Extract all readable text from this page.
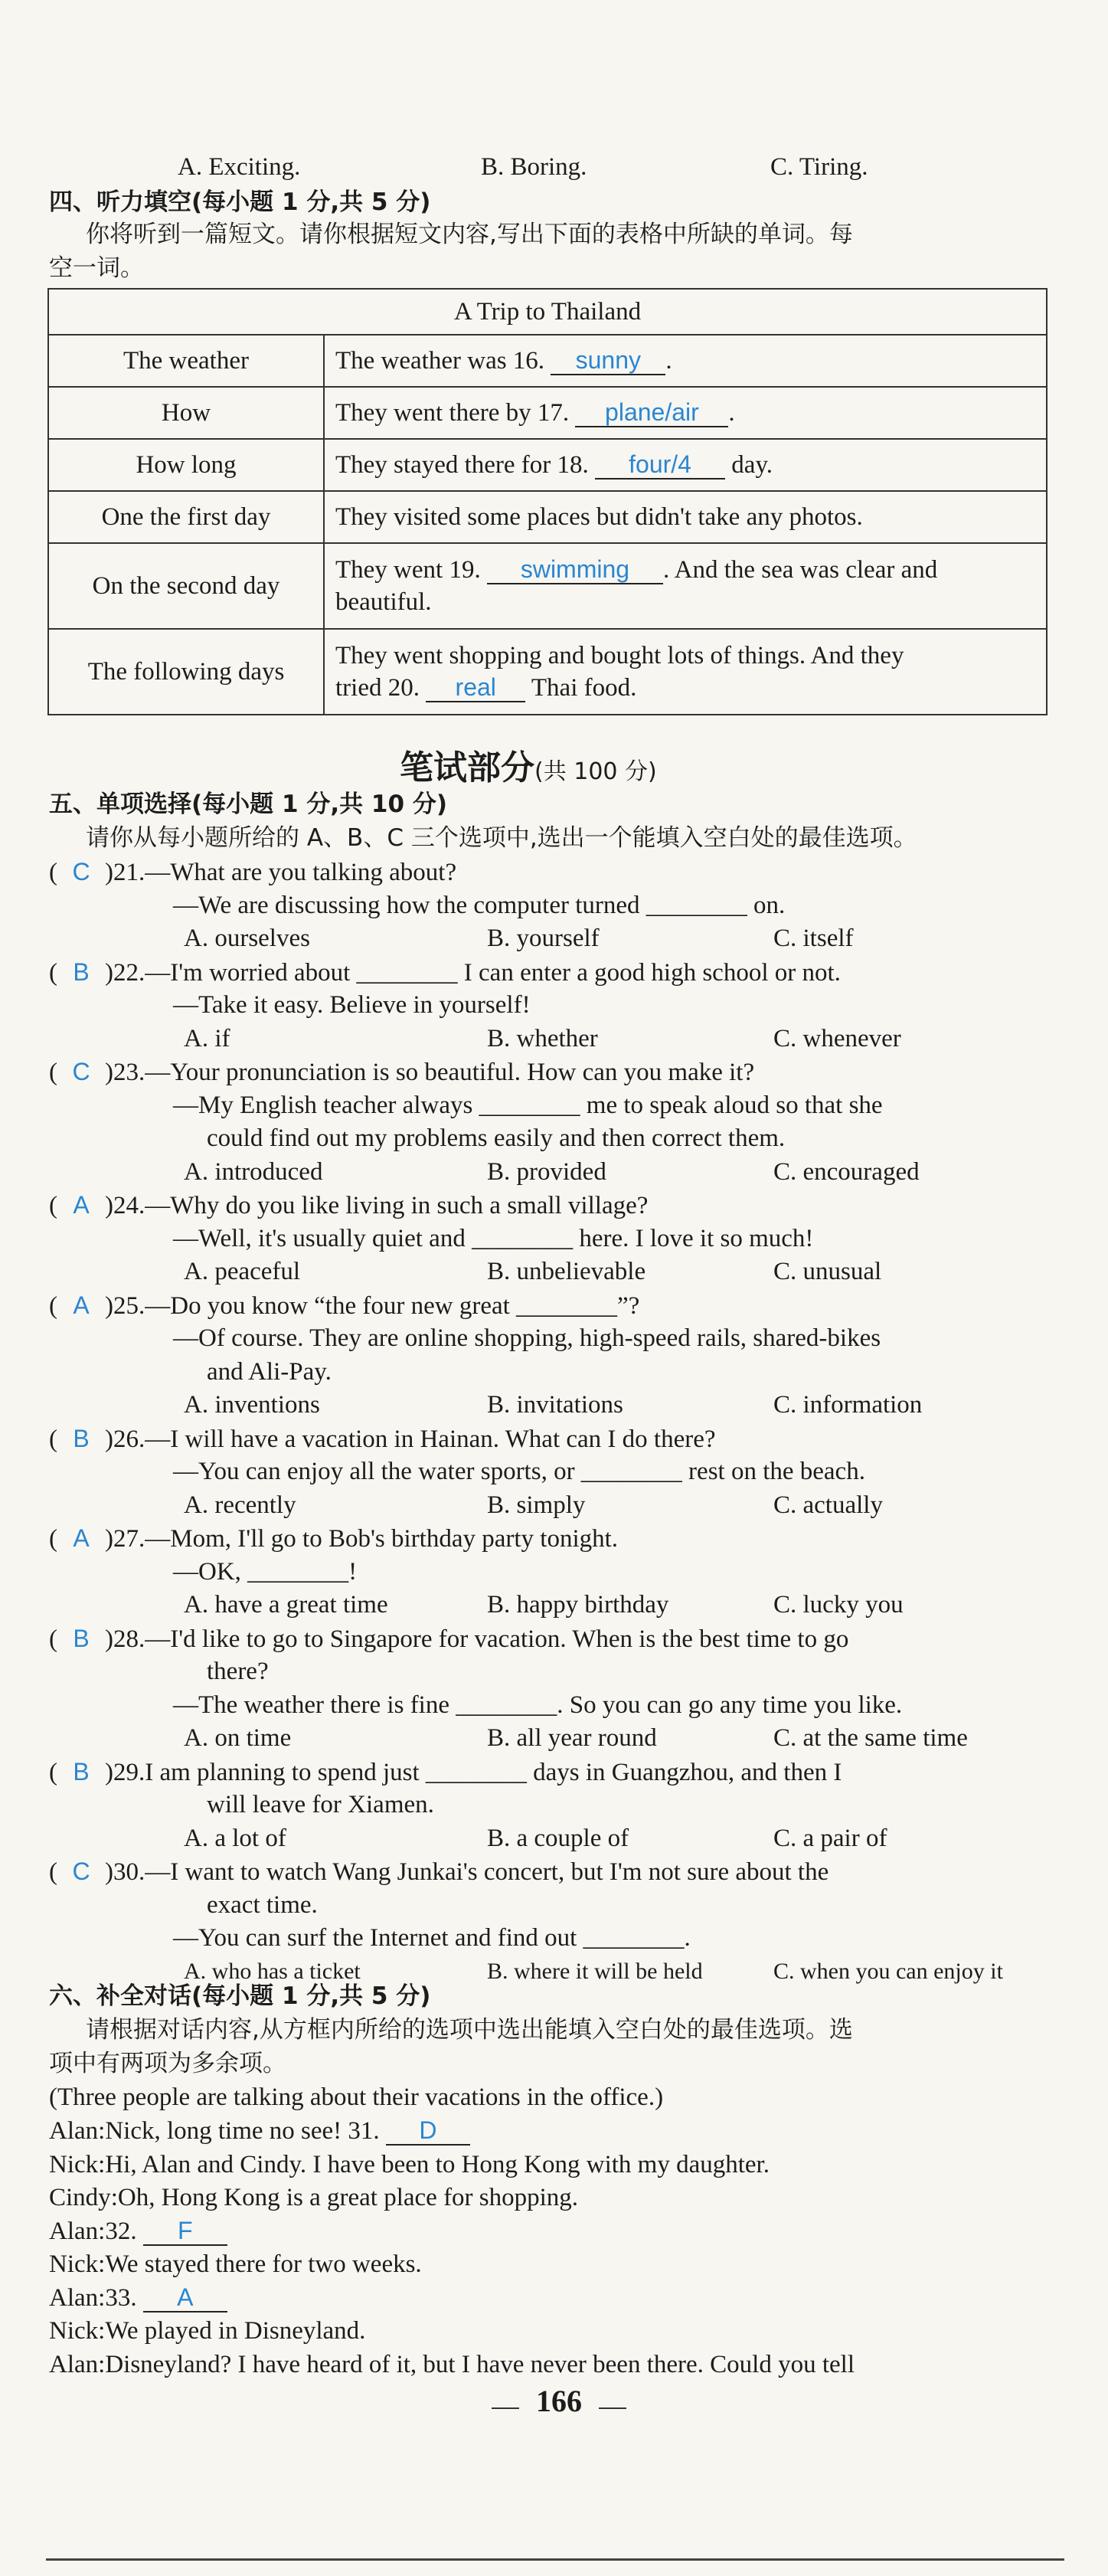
A. Exciting.	B. Boring.	C. Tiring.
四、听力填空(每小题 1 分,共 5 分)
你将听到一篇短文。请你根据短文内容,写出下面的表格中所缺的单词。每
空一词。
A Trip to Thailand	
The weather	The weather was 16. sunny .
How	They went there by 17. plane/air .
How long	They stayed there for 18. four/4 day.
One the first day	They visited some places but didn't take any photos.
On the second day	They went 19. swimming . And the sea was clear and
beautiful.
The following days	They went shopping and bought lots of things. And they
tried 20. real Thai food.
笔试部分(共 100 分)
五、单项选择(每小题 1 分,共 10 分)
请你从每小题所给的 A、B、C 三个选项中,选出一个能填入空白处的最佳选项。
( C )21.—What are you talking about?
—We are discussing how the computer turned ________ on.
A. ourselves	B. yourself	C. itself
( B )22.—I'm worried about ________ I can enter a good high school or not.
—Take it easy. Believe in yourself!
A. if	B. whether	C. whenever
( C )23.—Your pronunciation is so beautiful. How can you make it?
—My English teacher always ________ me to speak aloud so that she
could find out my problems easily and then correct them.
A. introduced	B. provided	C. encouraged
( A )24.—Why do you like living in such a small village?
—Well, it's usually quiet and ________ here. I love it so much!
A. peaceful	B. unbelievable	C. unusual
( A )25.—Do you know “the four new great ________”?
—Of course. They are online shopping, high-speed rails, shared-bikes
and Ali-Pay.
A. inventions	B. invitations	C. information
( B )26.—I will have a vacation in Hainan. What can I do there?
—You can enjoy all the water sports, or ________ rest on the beach.
A. recently	B. simply	C. actually
( A )27.—Mom, I'll go to Bob's birthday party tonight.
—OK, ________!
A. have a great time	B. happy birthday	C. lucky you
( B )28.—I'd like to go to Singapore for vacation. When is the best time to go
there?
—The weather there is fine ________. So you can go any time you like.
A. on time	B. all year round	C. at the same time
( B )29.I am planning to spend just ________ days in Guangzhou, and then I
will leave for Xiamen.
A. a lot of	B. a couple of	C. a pair of
( C )30.—I want to watch Wang Junkai's concert, but I'm not sure about the
exact time.
—You can surf the Internet and find out ________.
A. who has a ticket	B. where it will be held	C. when you can enjoy it
六、补全对话(每小题 1 分,共 5 分)
请根据对话内容,从方框内所给的选项中选出能填入空白处的最佳选项。选
项中有两项为多余项。
(Three people are talking about their vacations in the office.)
Alan:Nick, long time no see! 31. D
Nick:Hi, Alan and Cindy. I have been to Hong Kong with my daughter.
Cindy:Oh, Hong Kong is a great place for shopping.
Alan:32. F
Nick:We stayed there for two weeks.
Alan:33. A
Nick:We played in Disneyland.
Alan:Disneyland? I have heard of it, but I have never been there. Could you tell
166
